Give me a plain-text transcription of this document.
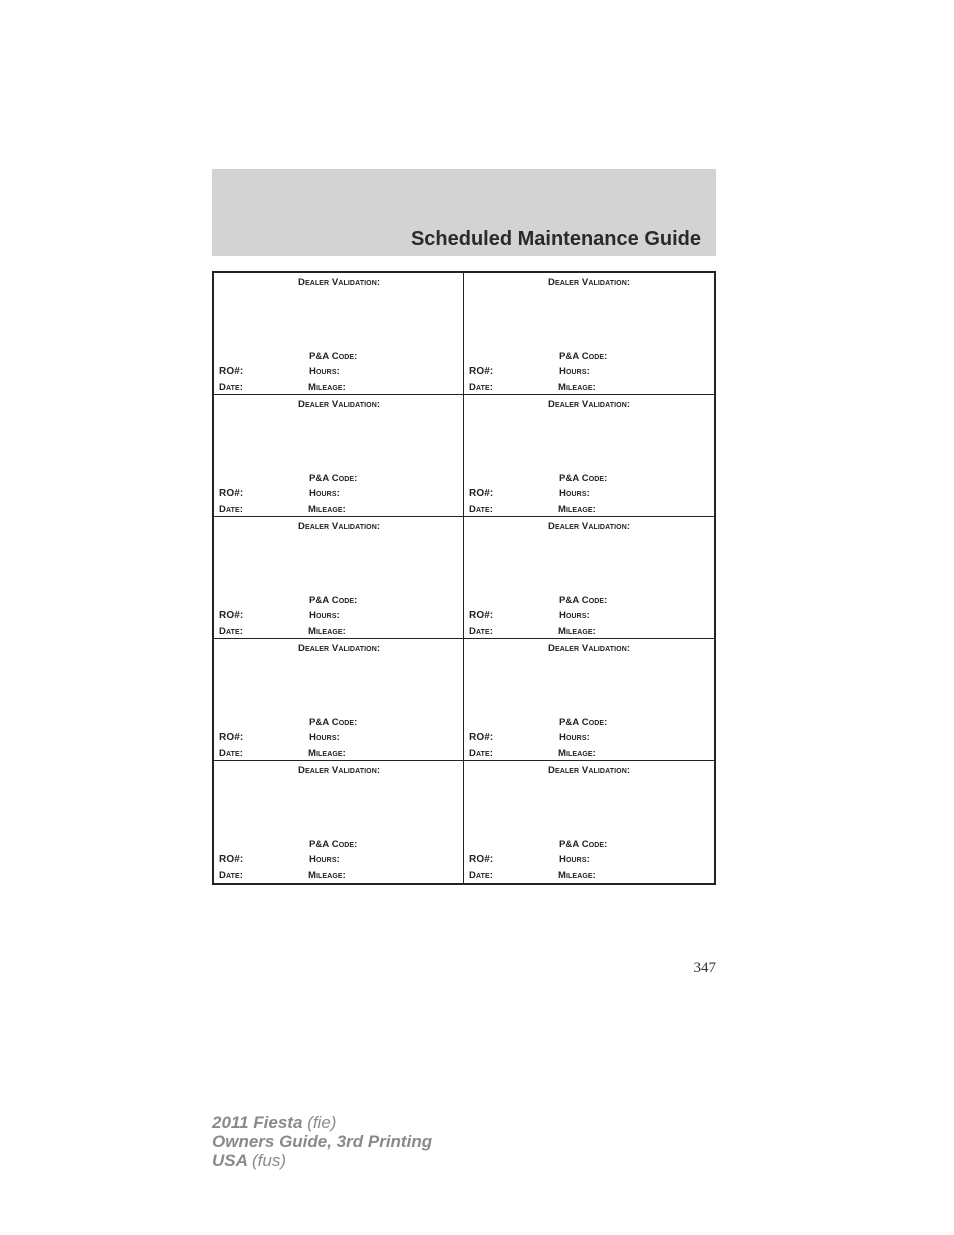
Scheduled Maintenance Guide
Dealer Validation:
P&A Code:
RO#:	Hours:
Date:	Mileage:
Dealer Validation:
P&A Code:
RO#:	Hours:
Date:	Mileage:
Dealer Validation:
P&A Code:
RO#:	Hours:
Date:	Mileage:
Dealer Validation:
P&A Code:
RO#:	Hours:
Date:	Mileage:
Dealer Validation:
P&A Code:
RO#:	Hours:
Date:	Mileage:
Dealer Validation:
P&A Code:
RO#:	Hours:
Date:	Mileage:
Dealer Validation:
P&A Code:
RO#:	Hours:
Date:	Mileage:
Dealer Validation:
P&A Code:
RO#:	Hours:
Date:	Mileage:
Dealer Validation:
P&A Code:
RO#:	Hours:
Date:	Mileage:
Dealer Validation:
P&A Code:
RO#:	Hours:
Date:	Mileage:
347
2011 Fiesta (fie)
Owners Guide, 3rd Printing
USA (fus)
